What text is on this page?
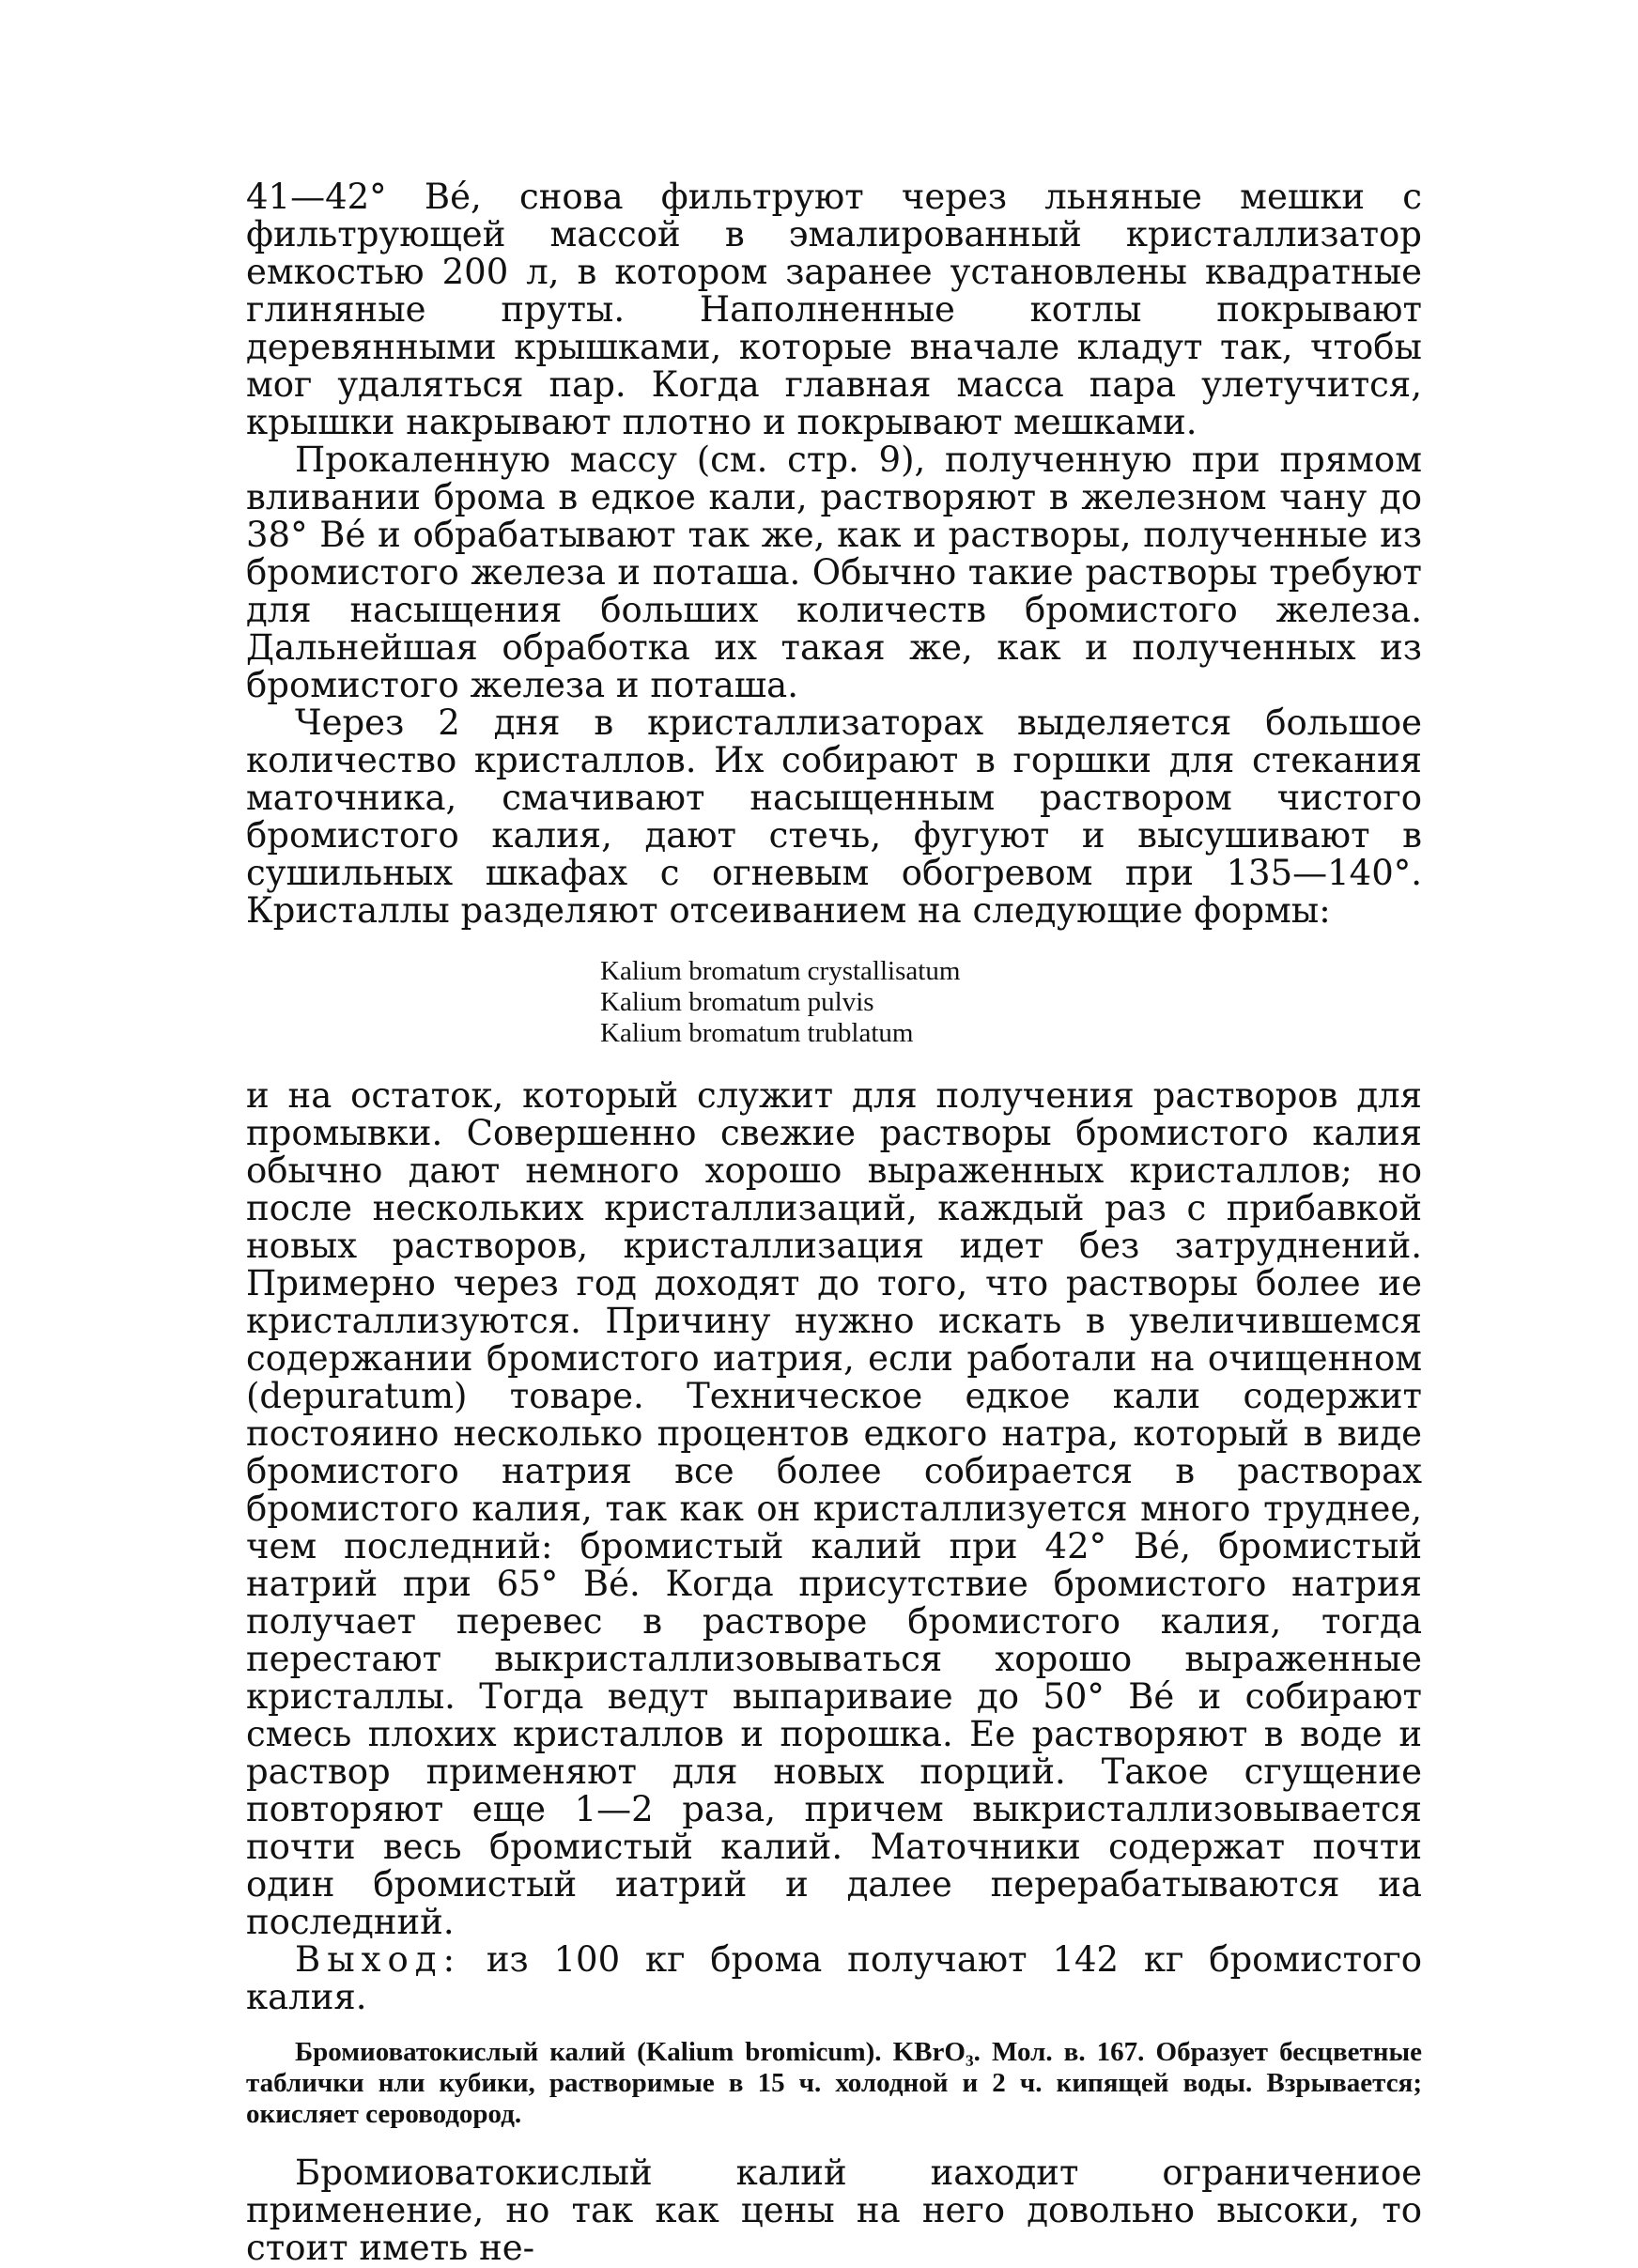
41—42° Bé, снова фильтруют через льняные мешки с фильтрующей массой в эмалированный кристаллизатор емкостью 200 л, в котором заранее установлены квадратные глиняные пруты. Наполненные котлы покрывают деревянными крышками, которые вначале кладут так, чтобы мог удаляться пар. Когда главная масса пара улетучится, крышки накрывают плотно и покрывают мешками.

Прокаленную массу (см. стр. 9), полученную при прямом вливании брома в едкое кали, растворяют в железном чану до 38° Bé и обрабатывают так же, как и растворы, полученные из бромистого железа и поташа. Обычно такие растворы требуют для насыщения больших количеств бромистого железа. Дальнейшая обработка их такая же, как и полученных из бромистого железа и поташа.

Через 2 дня в кристаллизаторах выделяется большое количество кристаллов. Их собирают в горшки для стекания маточника, смачивают насыщенным раствором чистого бромистого калия, дают стечь, фугуют и высушивают в сушильных шкафах с огневым обогревом при 135—140°. Кристаллы разделяют отсеиванием на следующие формы:

Kalium bromatum crystallisatum
Kalium bromatum pulvis
Kalium bromatum trublatum

и на остаток, который служит для получения растворов для промывки. Совершенно свежие растворы бромистого калия обычно дают немного хорошо выраженных кристаллов; но после нескольких кристаллизаций, каждый раз с прибавкой новых растворов, кристаллизация идет без затруднений. Примерно через год доходят до того, что растворы более ие кристаллизуются. Причину нужно искать в увеличившемся содержании бромистого иатрия, если работали на очищенном (depuratum) товаре. Техническое едкое кали содержит постояино несколько процентов едкого натра, который в виде бромистого натрия все более собирается в растворах бромистого калия, так как он кристаллизуется много труднее, чем последний: бромистый калий при 42° Bé, бромистый натрий при 65° Bé. Когда присутствие бромистого натрия получает перевес в растворе бромистого калия, тогда перестают выкристаллизовываться хорошо выраженные кристаллы. Тогда ведут выпариваие до 50° Bé и собирают смесь плохих кристаллов и порошка. Ее растворяют в воде и раствор применяют для новых порций. Такое сгущение повторяют еще 1—2 раза, причем выкристаллизовывается почти весь бромистый калий. Маточники содержат почти один бромистый иатрий и далее перерабатываются иа последний.

Выход: из 100 кг брома получают 142 кг бромистого калия.

Бромиоватокислый калий (Kalium bromicum). KBrO₃. Мол. в. 167. Образует бесцветные таблички нли кубики, растворимые в 15 ч. холодной и 2 ч. кипящей воды. Взрывается; окисляет сероводород.

Бромиоватокислый калий иаходит ограничениое применение, но так как цены на него довольно высоки, то стоит иметь не-
